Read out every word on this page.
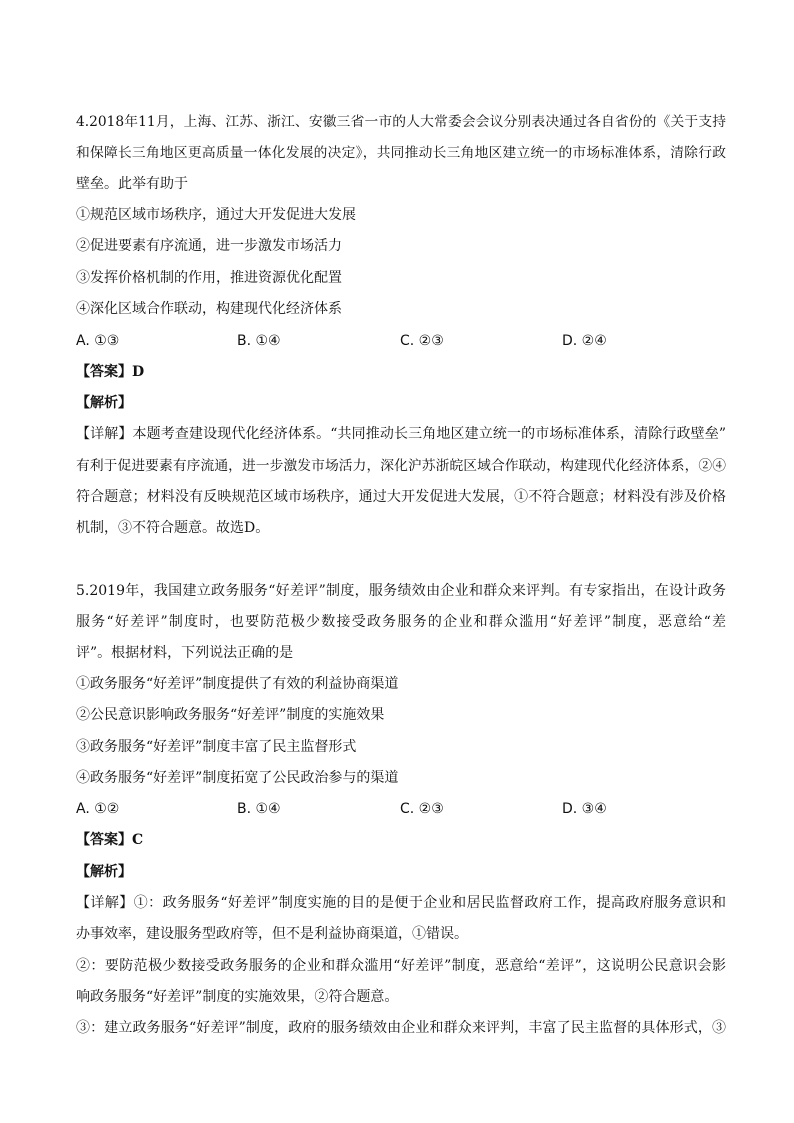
4.2018年11月，上海、江苏、浙江、安徽三省一市的人大常委会会议分别表决通过各自省份的《关于支持
和保障长三角地区更高质量一体化发展的决定》，共同推动长三角地区建立统一的市场标准体系，清除行政
壁垒。此举有助于
①规范区域市场秩序，通过大开发促进大发展
②促进要素有序流通，进一步激发市场活力
③发挥价格机制的作用，推进资源优化配置
④深化区域合作联动，构建现代化经济体系
A. ①③	B. ①④	C. ②③	D. ②④
【答案】D
【解析】
【详解】本题考查建设现代化经济体系。“共同推动长三角地区建立统一的市场标准体系，清除行政壁垒”
有利于促进要素有序流通，进一步激发市场活力，深化沪苏浙皖区域合作联动，构建现代化经济体系，②④
符合题意；材料没有反映规范区域市场秩序，通过大开发促进大发展，①不符合题意；材料没有涉及价格
机制，③不符合题意。故选D。
5.2019年，我国建立政务服务“好差评”制度，服务绩效由企业和群众来评判。有专家指出，在设计政务
服务“好差评”制度时，也要防范极少数接受政务服务的企业和群众滥用“好差评”制度，恶意给“差
评”。根据材料，下列说法正确的是
①政务服务“好差评”制度提供了有效的利益协商渠道
②公民意识影响政务服务“好差评”制度的实施效果
③政务服务“好差评”制度丰富了民主监督形式
④政务服务“好差评”制度拓宽了公民政治参与的渠道
A. ①②	B. ①④	C. ②③	D. ③④
【答案】C
【解析】
【详解】①：政务服务“好差评”制度实施的目的是便于企业和居民监督政府工作，提高政府服务意识和
办事效率，建设服务型政府等，但不是利益协商渠道，①错误。
②：要防范极少数接受政务服务的企业和群众滥用“好差评”制度，恶意给“差评”，这说明公民意识会影
响政务服务“好差评”制度的实施效果，②符合题意。
③：建立政务服务“好差评”制度，政府的服务绩效由企业和群众来评判，丰富了民主监督的具体形式，③
